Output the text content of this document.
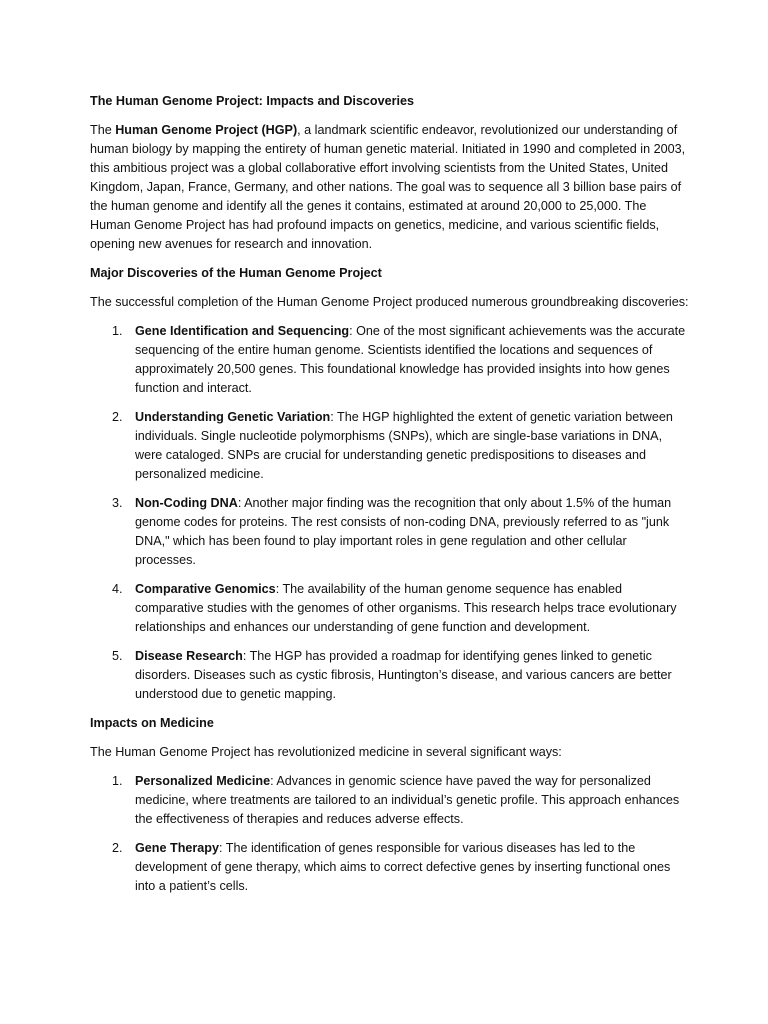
The Human Genome Project: Impacts and Discoveries

The Human Genome Project (HGP), a landmark scientific endeavor, revolutionized our understanding of human biology by mapping the entirety of human genetic material. Initiated in 1990 and completed in 2003, this ambitious project was a global collaborative effort involving scientists from the United States, United Kingdom, Japan, France, Germany, and other nations. The goal was to sequence all 3 billion base pairs of the human genome and identify all the genes it contains, estimated at around 20,000 to 25,000. The Human Genome Project has had profound impacts on genetics, medicine, and various scientific fields, opening new avenues for research and innovation.

Major Discoveries of the Human Genome Project

The successful completion of the Human Genome Project produced numerous groundbreaking discoveries:

1. Gene Identification and Sequencing: One of the most significant achievements was the accurate sequencing of the entire human genome. Scientists identified the locations and sequences of approximately 20,500 genes. This foundational knowledge has provided insights into how genes function and interact.
2. Understanding Genetic Variation: The HGP highlighted the extent of genetic variation between individuals. Single nucleotide polymorphisms (SNPs), which are single-base variations in DNA, were cataloged. SNPs are crucial for understanding genetic predispositions to diseases and personalized medicine.
3. Non-Coding DNA: Another major finding was the recognition that only about 1.5% of the human genome codes for proteins. The rest consists of non-coding DNA, previously referred to as "junk DNA," which has been found to play important roles in gene regulation and other cellular processes.
4. Comparative Genomics: The availability of the human genome sequence has enabled comparative studies with the genomes of other organisms. This research helps trace evolutionary relationships and enhances our understanding of gene function and development.
5. Disease Research: The HGP has provided a roadmap for identifying genes linked to genetic disorders. Diseases such as cystic fibrosis, Huntington’s disease, and various cancers are better understood due to genetic mapping.
Impacts on Medicine

The Human Genome Project has revolutionized medicine in several significant ways:

1. Personalized Medicine: Advances in genomic science have paved the way for personalized medicine, where treatments are tailored to an individual’s genetic profile. This approach enhances the effectiveness of therapies and reduces adverse effects.
2. Gene Therapy: The identification of genes responsible for various diseases has led to the development of gene therapy, which aims to correct defective genes by inserting functional ones into a patient’s cells.
